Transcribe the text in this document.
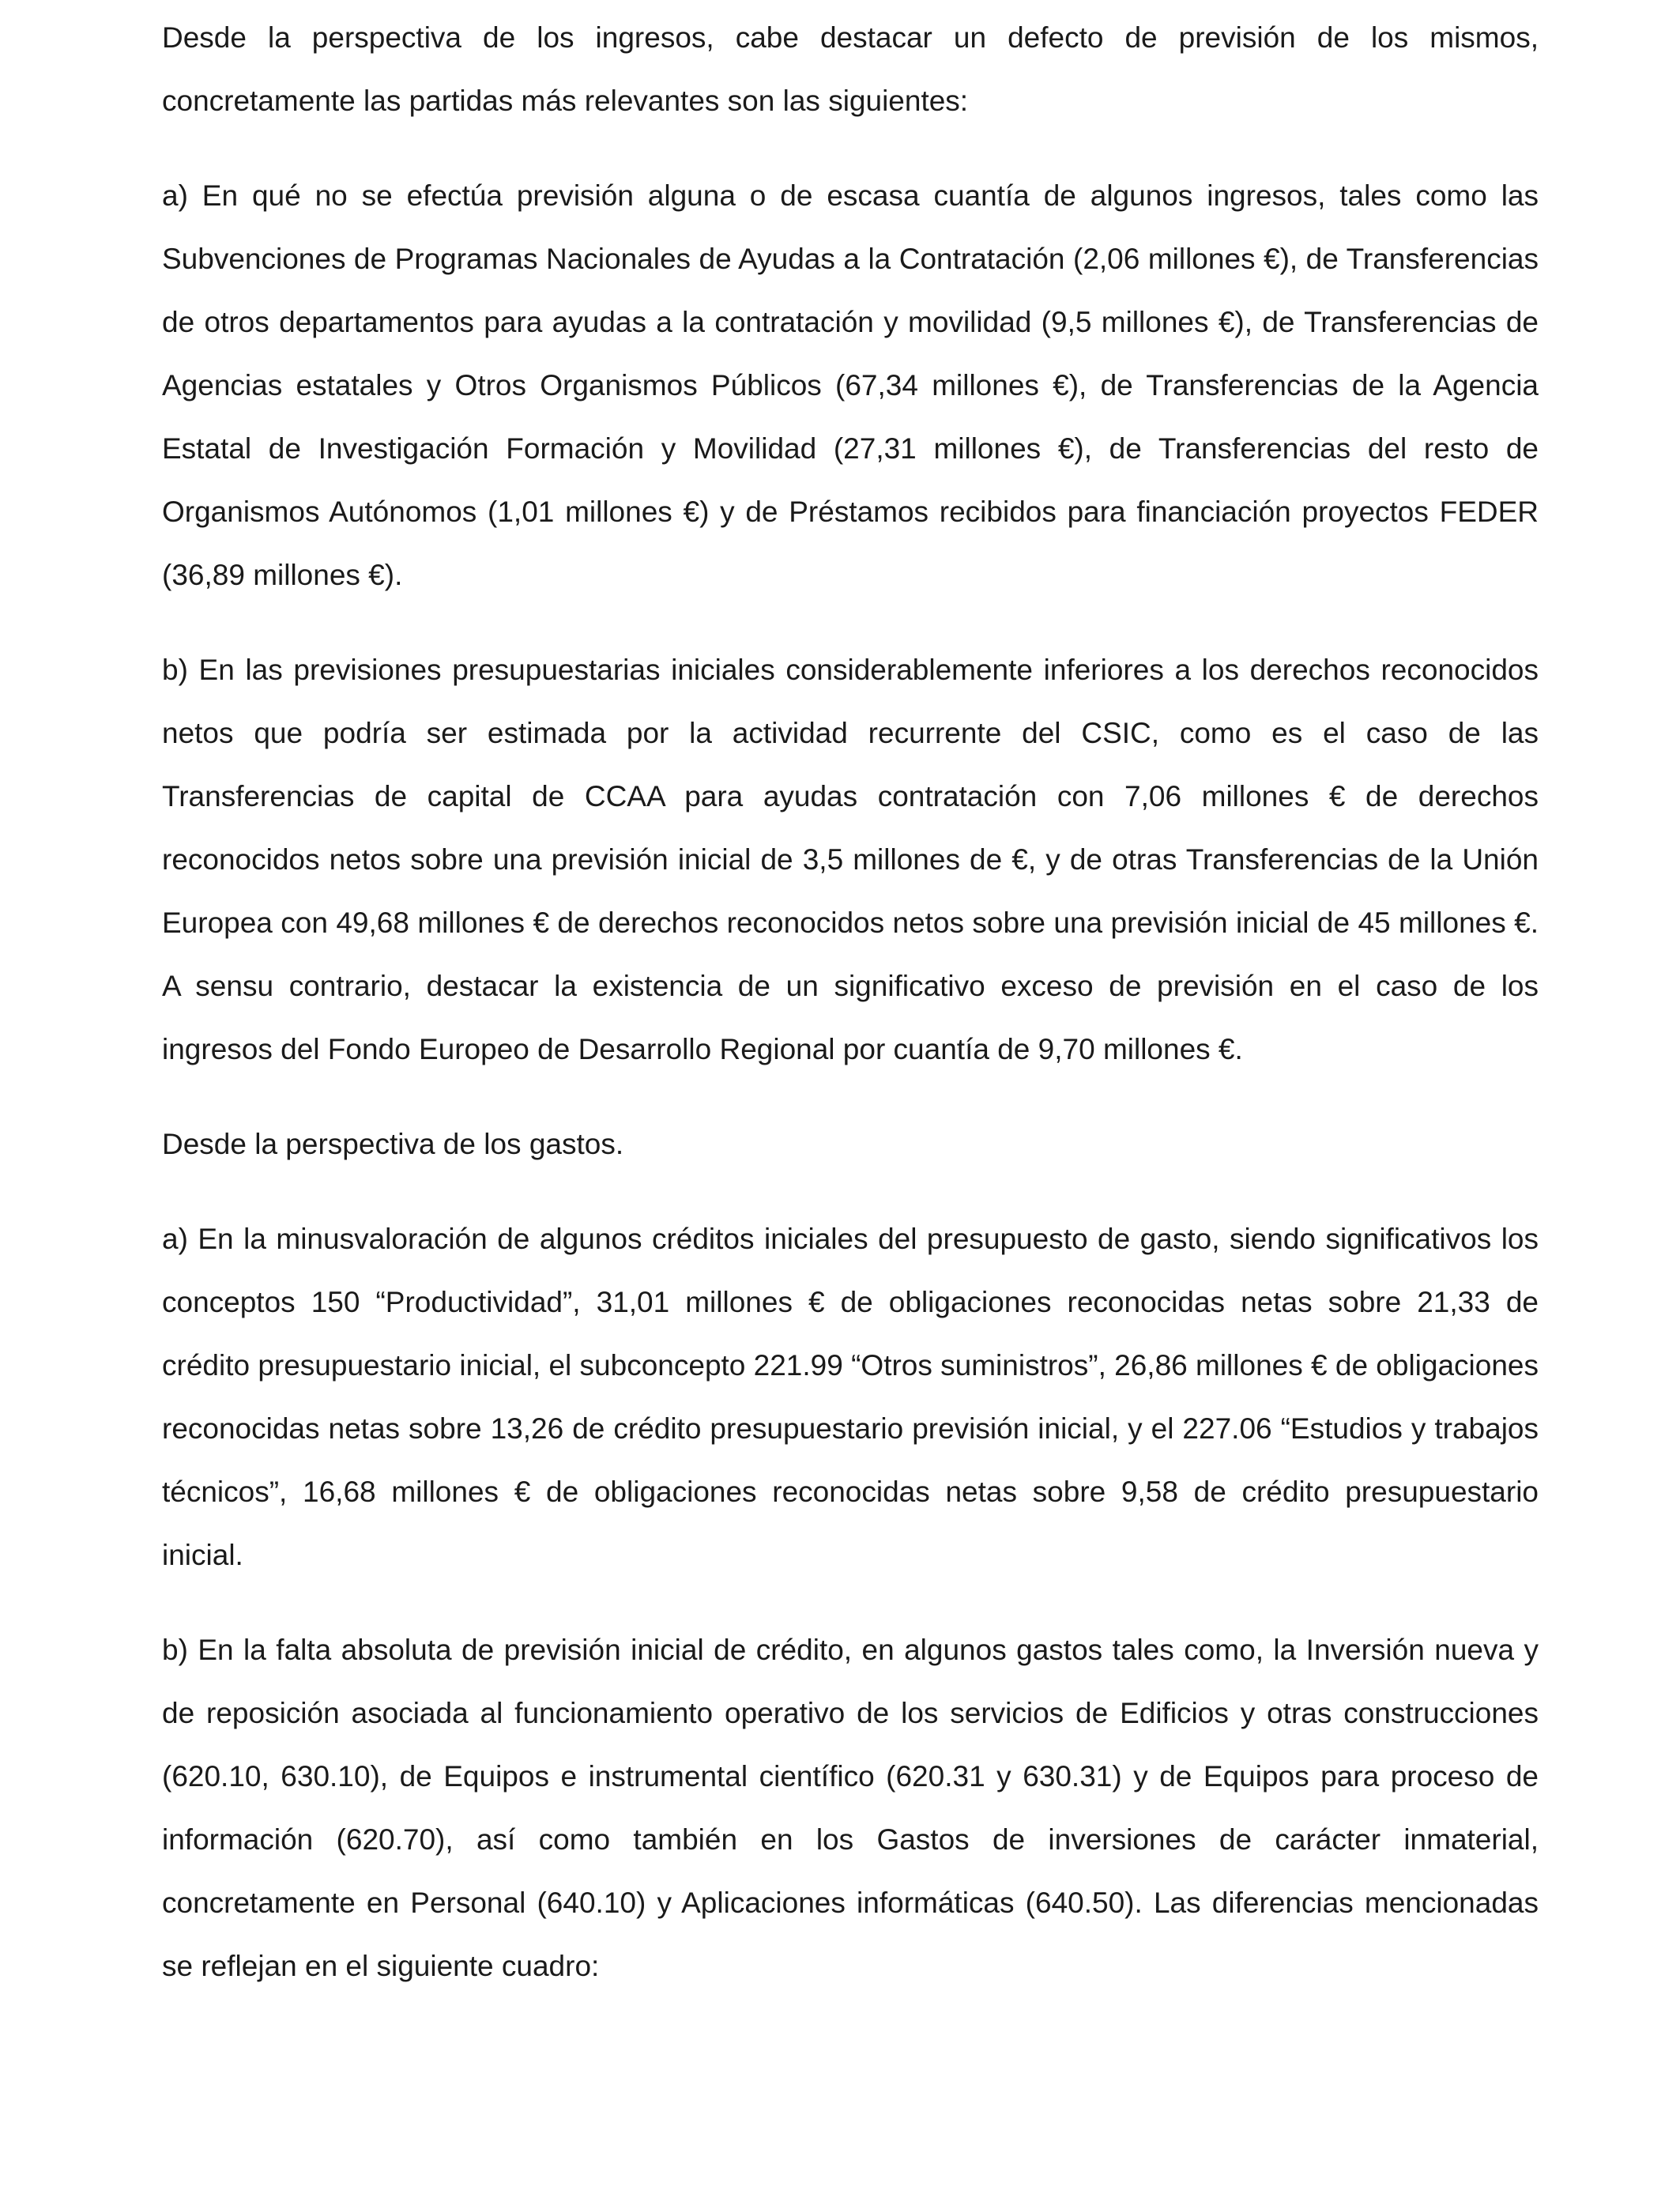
Desde la perspectiva de los ingresos, cabe destacar un defecto de previsión de los mismos, concretamente las partidas más relevantes son las siguientes:

a) En qué no se efectúa previsión alguna o de escasa cuantía de algunos ingresos, tales como las Subvenciones de Programas Nacionales de Ayudas a la Contratación (2,06 millones €), de Transferencias de otros departamentos para ayudas a la contratación y movilidad (9,5 millones €), de Transferencias de Agencias estatales y Otros Organismos Públicos (67,34 millones €), de Transferencias de la Agencia Estatal de Investigación Formación y Movilidad (27,31 millones €), de Transferencias del resto de Organismos Autónomos (1,01 millones €) y de Préstamos recibidos para financiación proyectos FEDER (36,89 millones €).

b) En las previsiones presupuestarias iniciales considerablemente inferiores a los derechos reconocidos netos que podría ser estimada por la actividad recurrente del CSIC, como es el caso de las Transferencias de capital de CCAA para ayudas contratación con 7,06 millones € de derechos reconocidos netos sobre una previsión inicial de 3,5 millones de €, y de otras Transferencias de la Unión Europea con 49,68 millones € de derechos reconocidos netos sobre una previsión inicial de 45 millones €. A sensu contrario, destacar la existencia de un significativo exceso de previsión en el caso de los ingresos del Fondo Europeo de Desarrollo Regional por cuantía de 9,70 millones €.

Desde la perspectiva de los gastos.

a) En la minusvaloración de algunos créditos iniciales del presupuesto de gasto, siendo significativos los conceptos 150 “Productividad”, 31,01 millones € de obligaciones reconocidas netas sobre 21,33 de crédito presupuestario inicial, el subconcepto 221.99 “Otros suministros”, 26,86 millones € de obligaciones reconocidas netas sobre 13,26 de crédito presupuestario previsión inicial, y el 227.06 “Estudios y trabajos técnicos”, 16,68 millones € de obligaciones reconocidas netas sobre 9,58 de crédito presupuestario inicial.

b) En la falta absoluta de previsión inicial de crédito, en algunos gastos tales como, la Inversión nueva y de reposición asociada al funcionamiento operativo de los servicios de Edificios y otras construcciones (620.10, 630.10), de Equipos e instrumental científico (620.31 y 630.31) y de Equipos para proceso de información (620.70), así como también en los Gastos de inversiones de carácter inmaterial, concretamente en Personal (640.10) y Aplicaciones informáticas (640.50). Las diferencias mencionadas se reflejan en el siguiente cuadro:
